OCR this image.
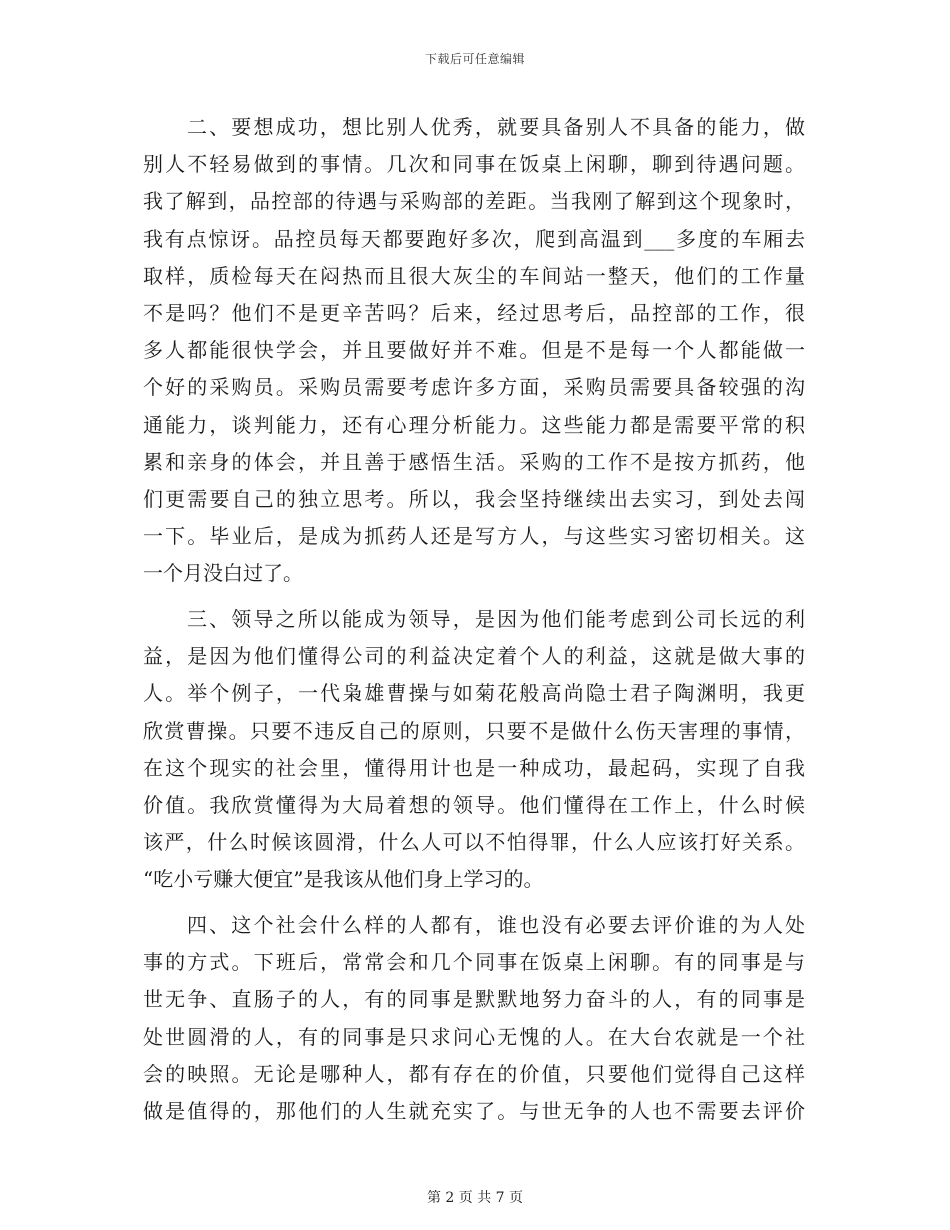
下载后可任意编辑
二、要想成功，想比别人优秀，就要具备别人不具备的能力，做
别人不轻易做到的事情。几次和同事在饭桌上闲聊，聊到待遇问题。
我了解到，品控部的待遇与采购部的差距。当我刚了解到这个现象时，
我有点惊讶。品控员每天都要跑好多次，爬到高温到___多度的车厢去
取样，质检每天在闷热而且很大灰尘的车间站一整天，他们的工作量
不是吗？他们不是更辛苦吗？后来，经过思考后，品控部的工作，很
多人都能很快学会，并且要做好并不难。但是不是每一个人都能做一
个好的采购员。采购员需要考虑许多方面，采购员需要具备较强的沟
通能力，谈判能力，还有心理分析能力。这些能力都是需要平常的积
累和亲身的体会，并且善于感悟生活。采购的工作不是按方抓药，他
们更需要自己的独立思考。所以，我会坚持继续出去实习，到处去闯
一下。毕业后，是成为抓药人还是写方人，与这些实习密切相关。这
一个月没白过了。
三、领导之所以能成为领导，是因为他们能考虑到公司长远的利
益，是因为他们懂得公司的利益决定着个人的利益，这就是做大事的
人。举个例子，一代枭雄曹操与如菊花般高尚隐士君子陶渊明，我更
欣赏曹操。只要不违反自己的原则，只要不是做什么伤天害理的事情，
在这个现实的社会里，懂得用计也是一种成功，最起码，实现了自我
价值。我欣赏懂得为大局着想的领导。他们懂得在工作上，什么时候
该严，什么时候该圆滑，什么人可以不怕得罪，什么人应该打好关系。
“吃小亏赚大便宜”是我该从他们身上学习的。
四、这个社会什么样的人都有，谁也没有必要去评价谁的为人处
事的方式。下班后，常常会和几个同事在饭桌上闲聊。有的同事是与
世无争、直肠子的人，有的同事是默默地努力奋斗的人，有的同事是
处世圆滑的人，有的同事是只求问心无愧的人。在大台农就是一个社
会的映照。无论是哪种人，都有存在的价值，只要他们觉得自己这样
做是值得的，那他们的人生就充实了。与世无争的人也不需要去评价
第 2 页 共 7 页
